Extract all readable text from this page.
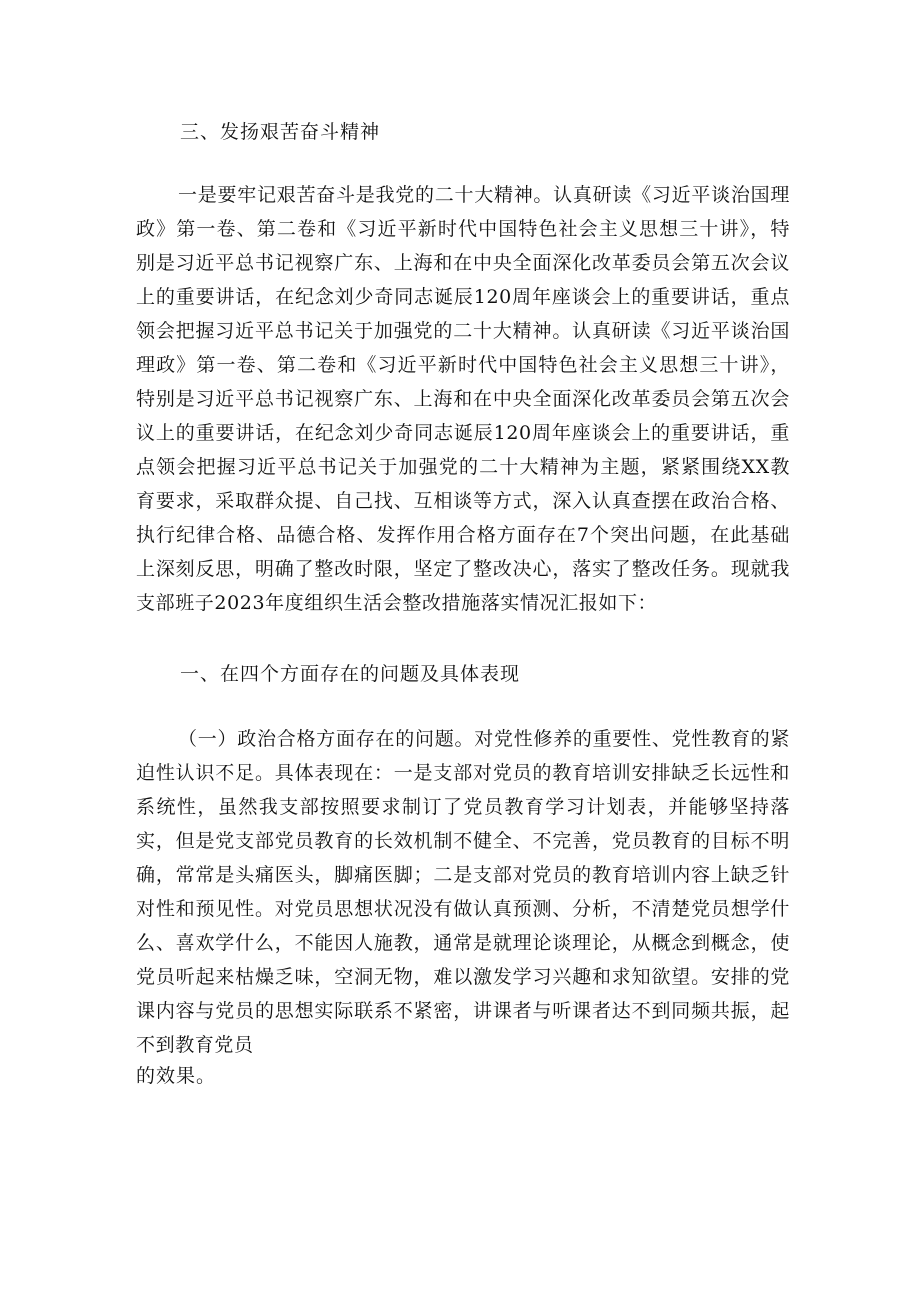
三、发扬艰苦奋斗精神
一是要牢记艰苦奋斗是我党的二十大精神。认真研读《习近平谈治国理政》第一卷、第二卷和《习近平新时代中国特色社会主义思想三十讲》，特别是习近平总书记视察广东、上海和在中央全面深化改革委员会第五次会议上的重要讲话，在纪念刘少奇同志诞辰120周年座谈会上的重要讲话，重点领会把握习近平总书记关于加强党的二十大精神。认真研读《习近平谈治国理政》第一卷、第二卷和《习近平新时代中国特色社会主义思想三十讲》，特别是习近平总书记视察广东、上海和在中央全面深化改革委员会第五次会议上的重要讲话，在纪念刘少奇同志诞辰120周年座谈会上的重要讲话，重点领会把握习近平总书记关于加强党的二十大精神为主题，紧紧围绕XX教育要求，采取群众提、自己找、互相谈等方式，深入认真查摆在政治合格、执行纪律合格、品德合格、发挥作用合格方面存在7个突出问题，在此基础上深刻反思，明确了整改时限，坚定了整改决心，落实了整改任务。现就我支部班子2023年度组织生活会整改措施落实情况汇报如下：
一、在四个方面存在的问题及具体表现
（一）政治合格方面存在的问题。对党性修养的重要性、党性教育的紧迫性认识不足。具体表现在：一是支部对党员的教育培训安排缺乏长远性和系统性，虽然我支部按照要求制订了党员教育学习计划表，并能够坚持落实，但是党支部党员教育的长效机制不健全、不完善，党员教育的目标不明确，常常是头痛医头，脚痛医脚；二是支部对党员的教育培训内容上缺乏针对性和预见性。对党员思想状况没有做认真预测、分析，不清楚党员想学什么、喜欢学什么，不能因人施教，通常是就理论谈理论，从概念到概念，使党员听起来枯燥乏味，空洞无物，难以激发学习兴趣和求知欲望。安排的党课内容与党员的思想实际联系不紧密，讲课者与听课者达不到同频共振，起不到教育党员
的效果。
